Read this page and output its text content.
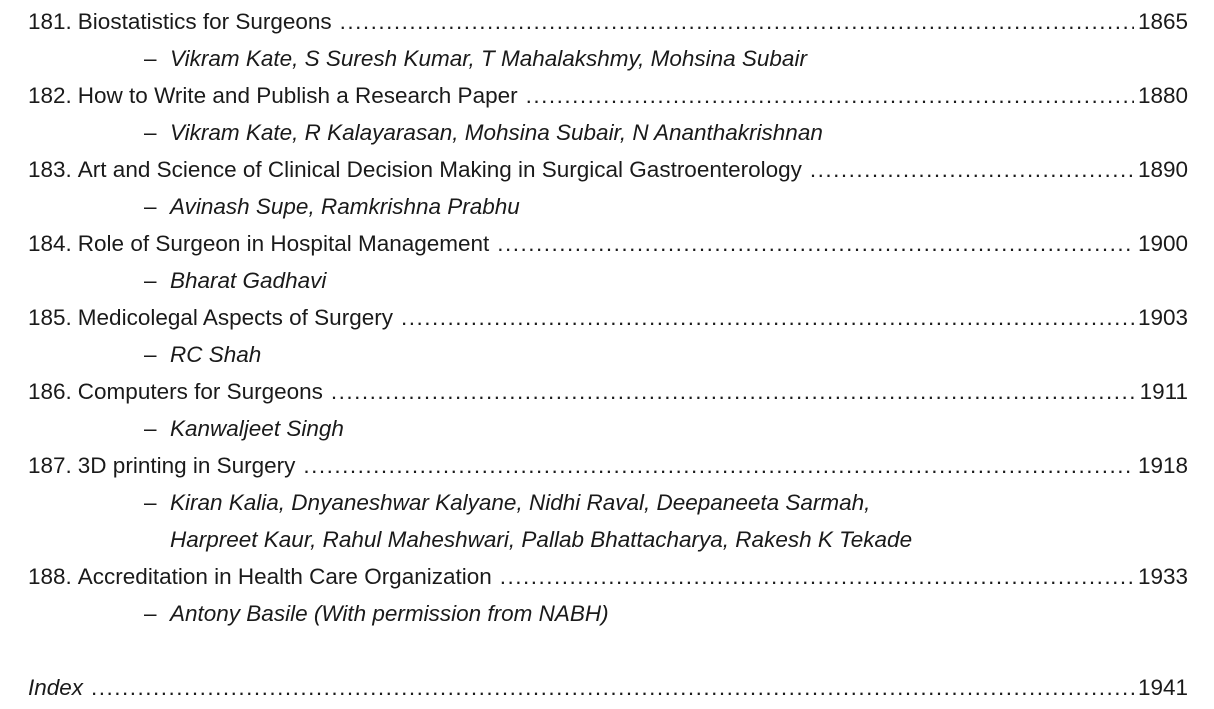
181. Biostatistics for Surgeons .....	1865
– Vikram Kate, S Suresh Kumar, T Mahalakshmy, Mohsina Subair
182. How to Write and Publish a Research Paper .....	1880
– Vikram Kate, R Kalayarasan, Mohsina Subair, N Ananthakrishnan
183. Art and Science of Clinical Decision Making in Surgical Gastroenterology .....	1890
– Avinash Supe, Ramkrishna Prabhu
184. Role of Surgeon in Hospital Management .....	1900
– Bharat Gadhavi
185. Medicolegal Aspects of Surgery .....	1903
– RC Shah
186. Computers for Surgeons .....	1911
– Kanwaljeet Singh
187. 3D printing in Surgery .....	1918
– Kiran Kalia, Dnyaneshwar Kalyane, Nidhi Raval, Deepaneeta Sarmah,
Harpreet Kaur, Rahul Maheshwari, Pallab Bhattacharya, Rakesh K Tekade
188. Accreditation in Health Care Organization .....	1933
– Antony Basile (With permission from NABH)
Index .....	1941
